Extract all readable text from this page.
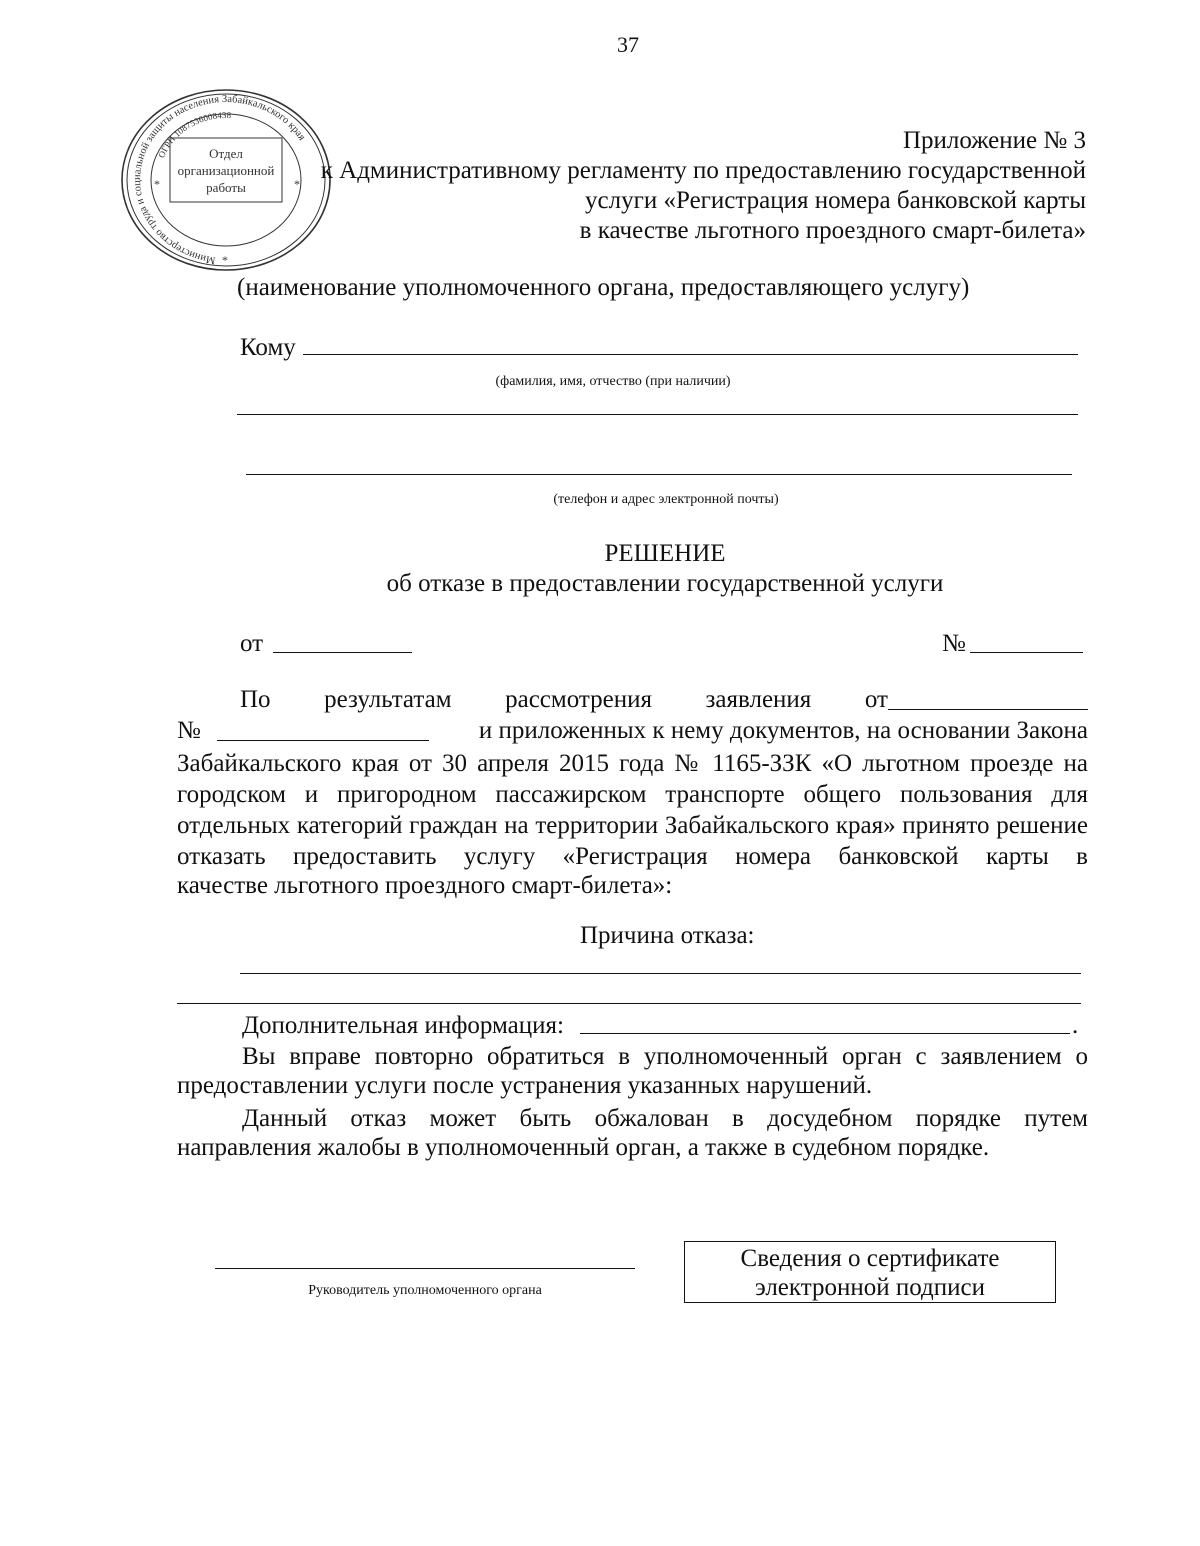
37
Министерство труда и социальной защиты населения Забайкальского края
ОГРН 1087536008438
Отдел
организационной
работы
*	*
*
Приложение № 3
к Административному регламенту по предоставлению государственной
услуги «Регистрация номера банковской карты
в качестве льготного проездного смарт-билета»
(наименование уполномоченного органа, предоставляющего услугу)
Кому
(фамилия, имя, отчество (при наличии)
(телефон и адрес электронной почты)
РЕШЕНИЕ
об отказе в предоставлении государственной услуги
от	№
По результатам рассмотрения заявления от
№	и приложенных к нему документов, на основании Закона
Забайкальского края от 30 апреля 2015 года № 1165-ЗЗК «О льготном проезде на городском и пригородном пассажирском транспорте общего пользования для отдельных категорий граждан на территории Забайкальского края» принято решение отказать предоставить услугу «Регистрация номера банковской карты в
качестве льготного проездного смарт-билета»:
Причина отказа:
Дополнительная информация:	.
Вы вправе повторно обратиться в уполномоченный орган с заявлением о
предоставлении услуги после устранения указанных нарушений.
Данный отказ может быть обжалован в досудебном порядке путем
направления жалобы в уполномоченный орган, а также в судебном порядке.
Руководитель уполномоченного органа
Сведения о сертификате
электронной подписи
